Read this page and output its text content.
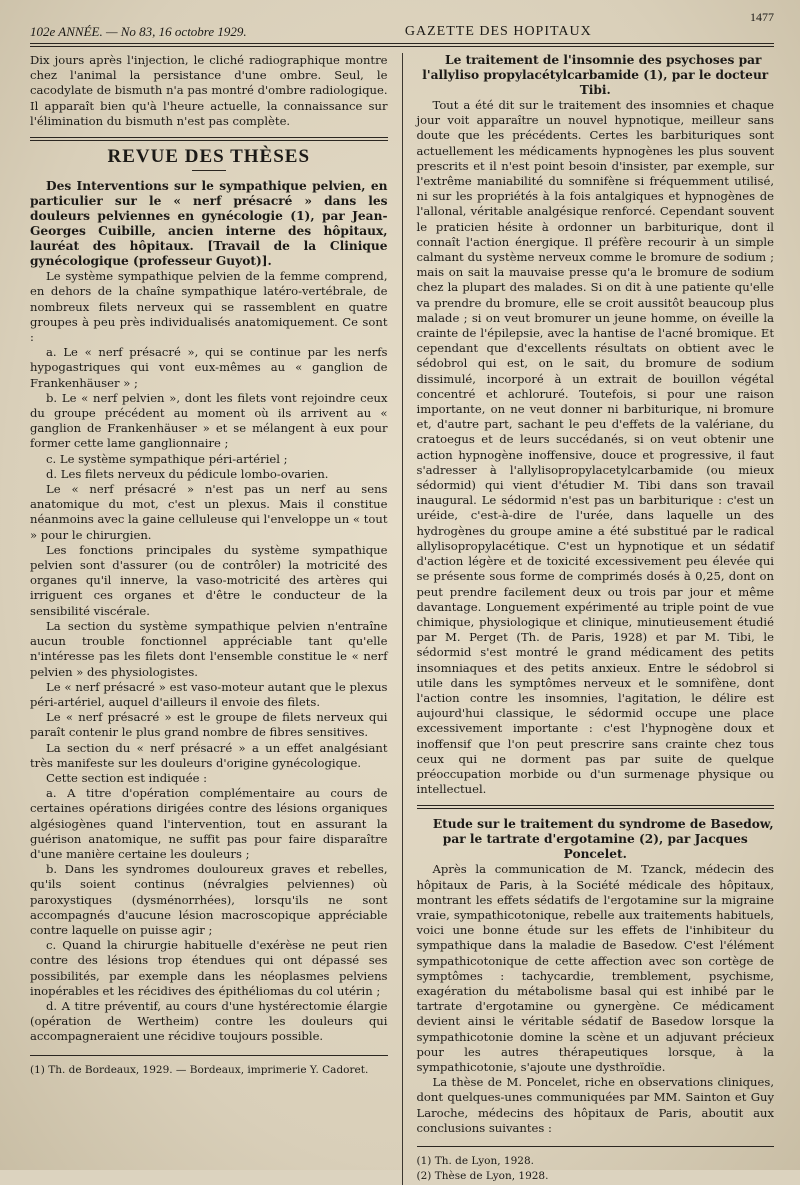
102e ANNÉE. — No 83, 16 octobre 1929.	GAZETTE DES HOPITAUX
1477

Dix jours après l'injection, le cliché radiographique montre chez l'animal la persistance d'une ombre. Seul, le cacodylate de bismuth n'a pas montré d'ombre radiologique. Il apparaît bien qu'à l'heure actuelle, la connaissance sur l'élimination du bismuth n'est pas complète.

REVUE DES THÈSES

Des Interventions sur le sympathique pelvien, en particulier sur le « nerf présacré » dans les douleurs pelviennes en gynécologie (1), par Jean-Georges Cuibille, ancien interne des hôpitaux, lauréat des hôpitaux. [Travail de la Clinique gynécologique (professeur Guyot)].

Le système sympathique pelvien de la femme comprend, en dehors de la chaîne sympathique latéro-vertébrale, de nombreux filets nerveux qui se rassemblent en quatre groupes à peu près individualisés anatomiquement. Ce sont :

a. Le « nerf présacré », qui se continue par les nerfs hypogastriques qui vont eux-mêmes au « ganglion de Frankenhäuser » ;

b. Le « nerf pelvien », dont les filets vont rejoindre ceux du groupe précédent au moment où ils arrivent au « ganglion de Frankenhäuser » et se mélangent à eux pour former cette lame ganglionnaire ;

c. Le système sympathique péri-artériel ;

d. Les filets nerveux du pédicule lombo-ovarien.

Le « nerf présacré » n'est pas un nerf au sens anatomique du mot, c'est un plexus. Mais il constitue néanmoins avec la gaine celluleuse qui l'enveloppe un « tout » pour le chirurgien.

Les fonctions principales du système sympathique pelvien sont d'assurer (ou de contrôler) la motricité des organes qu'il innerve, la vaso-motricité des artères qui irriguent ces organes et d'être le conducteur de la sensibilité viscérale.

La section du système sympathique pelvien n'entraîne aucun trouble fonctionnel appréciable tant qu'elle n'intéresse pas les filets dont l'ensemble constitue le « nerf pelvien » des physiologistes.

Le « nerf présacré » est vaso-moteur autant que le plexus péri-artériel, auquel d'ailleurs il envoie des filets.

Le « nerf présacré » est le groupe de filets nerveux qui paraît contenir le plus grand nombre de fibres sensitives.

La section du « nerf présacré » a un effet analgésiant très manifeste sur les douleurs d'origine gynécologique.

Cette section est indiquée :

a. A titre d'opération complémentaire au cours de certaines opérations dirigées contre des lésions organiques algésiogènes quand l'intervention, tout en assurant la guérison anatomique, ne suffit pas pour faire disparaître d'une manière certaine les douleurs ;

b. Dans les syndromes douloureux graves et rebelles, qu'ils soient continus (névralgies pelviennes) où paroxystiques (dysménorrhées), lorsqu'ils ne sont accompagnés d'aucune lésion macroscopique appréciable contre laquelle on puisse agir ;

c. Quand la chirurgie habituelle d'exérèse ne peut rien contre des lésions trop étendues qui ont dépassé ses possibilités, par exemple dans les néoplasmes pelviens inopérables et les récidives des épithéliomas du col utérin ;

d. A titre préventif, au cours d'une hystérectomie élargie (opération de Wertheim) contre les douleurs qui accompagneraient une récidive toujours possible.

(1) Th. de Bordeaux, 1929. — Bordeaux, imprimerie Y. Cadoret.

Le traitement de l'insomnie des psychoses par l'allyliso propylacétylcarbamide (1), par le docteur Tibi.

Tout a été dit sur le traitement des insomnies et chaque jour voit apparaître un nouvel hypnotique, meilleur sans doute que les précédents. Certes les barbituriques sont actuellement les médicaments hypnogènes les plus souvent prescrits et il n'est point besoin d'insister, par exemple, sur l'extrême maniabilité du somnifène si fréquemment utilisé, ni sur les propriétés à la fois antalgiques et hypnogènes de l'allonal, véritable analgésique renforcé. Cependant souvent le praticien hésite à ordonner un barbiturique, dont il connaît l'action énergique. Il préfère recourir à un simple calmant du système nerveux comme le bromure de sodium ; mais on sait la mauvaise presse qu'a le bromure de sodium chez la plupart des malades. Si on dit à une patiente qu'elle va prendre du bromure, elle se croit aussitôt beaucoup plus malade ; si on veut bromurer un jeune homme, on éveille la crainte de l'épilepsie, avec la hantise de l'acné bromique. Et cependant que d'excellents résultats on obtient avec le sédobrol qui est, on le sait, du bromure de sodium dissimulé, incorporé à un extrait de bouillon végétal concentré et achloruré. Toutefois, si pour une raison importante, on ne veut donner ni barbiturique, ni bromure et, d'autre part, sachant le peu d'effets de la valériane, du cratoegus et de leurs succédanés, si on veut obtenir une action hypnogène inoffensive, douce et progressive, il faut s'adresser à l'allylisopropylacetylcarbamide (ou mieux sédormid) qui vient d'étudier M. Tibi dans son travail inaugural. Le sédormid n'est pas un barbiturique : c'est un uréide, c'est-à-dire de l'urée, dans laquelle un des hydrogènes du groupe amine a été substitué par le radical allylisopropylacétique. C'est un hypnotique et un sédatif d'action légère et de toxicité excessivement peu élevée qui se présente sous forme de comprimés dosés à 0,25, dont on peut prendre facilement deux ou trois par jour et même davantage. Longuement expérimenté au triple point de vue chimique, physiologique et clinique, minutieusement étudié par M. Perget (Th. de Paris, 1928) et par M. Tibi, le sédormid s'est montré le grand médicament des petits insomniaques et des petits anxieux. Entre le sédobrol si utile dans les symptômes nerveux et le somnifène, dont l'action contre les insomnies, l'agitation, le délire est aujourd'hui classique, le sédormid occupe une place excessivement importante : c'est l'hypnogène doux et inoffensif que l'on peut prescrire sans crainte chez tous ceux qui ne dorment pas par suite de quelque préoccupation morbide ou d'un surmenage physique ou intellectuel.

Etude sur le traitement du syndrome de Basedow, par le tartrate d'ergotamine (2), par Jacques Poncelet.

Après la communication de M. Tzanck, médecin des hôpitaux de Paris, à la Société médicale des hôpitaux, montrant les effets sédatifs de l'ergotamine sur la migraine vraie, sympathicotonique, rebelle aux traitements habituels, voici une bonne étude sur les effets de l'inhibiteur du sympathique dans la maladie de Basedow. C'est l'élément sympathicotonique de cette affection avec son cortège de symptômes : tachycardie, tremblement, psychisme, exagération du métabolisme basal qui est inhibé par le tartrate d'ergotamine ou gynergène. Ce médicament devient ainsi le véritable sédatif de Basedow lorsque la sympathicotonie domine la scène et un adjuvant précieux pour les autres thérapeutiques lorsque, à la sympathicotonie, s'ajoute une dysthroïdie.

La thèse de M. Poncelet, riche en observations cliniques, dont quelques-unes communiquées par MM. Sainton et Guy Laroche, médecins des hôpitaux de Paris, aboutit aux conclusions suivantes :

(1) Th. de Lyon, 1928.

(2) Thèse de Lyon, 1928.
